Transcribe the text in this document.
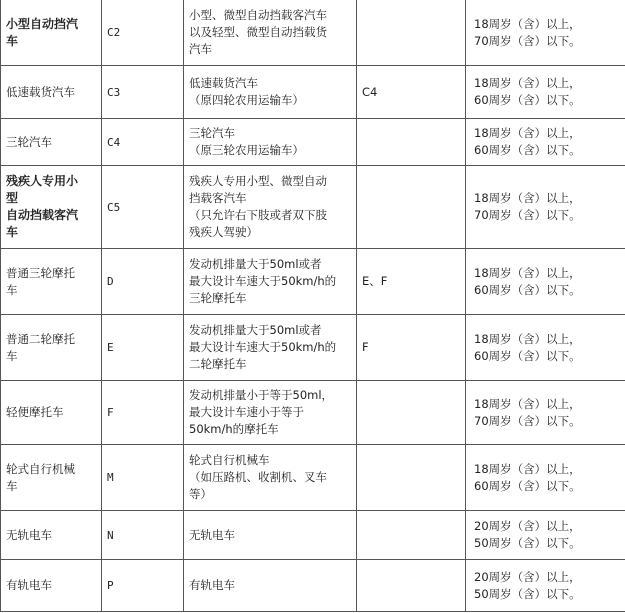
小型自动挡汽
车	C2	小型、微型自动挡载客汽车
以及轻型、微型自动挡载货
汽车		18周岁（含）以上，
70周岁（含）以下。
低速载货汽车	C3	低速载货汽车
（原四轮农用运输车）	C4	18周岁（含）以上，
60周岁（含）以下。
三轮汽车	C4	三轮汽车
（原三轮农用运输车）		18周岁（含）以上，
60周岁（含）以下。
残疾人专用小
型
自动挡载客汽
车	C5	残疾人专用小型、微型自动
挡载客汽车
（只允许右下肢或者双下肢
残疾人驾驶）		18周岁（含）以上，
70周岁（含）以下。
普通三轮摩托
车	D	发动机排量大于50ml或者
最大设计车速大于50km/h的
三轮摩托车	E、F	18周岁（含）以上，
60周岁（含）以下。
普通二轮摩托
车	E	发动机排量大于50ml或者
最大设计车速大于50km/h的
二轮摩托车	F	18周岁（含）以上，
60周岁（含）以下。
轻便摩托车	F	发动机排量小于等于50ml，
最大设计车速小于等于
50km/h的摩托车		18周岁（含）以上，
70周岁（含）以下。
轮式自行机械
车	M	轮式自行机械车
（如压路机、收割机、叉车
等）		18周岁（含）以上，
60周岁（含）以下。
无轨电车	N	无轨电车		20周岁（含）以上，
50周岁（含）以下。
有轨电车	P	有轨电车		20周岁（含）以上，
50周岁（含）以下。
